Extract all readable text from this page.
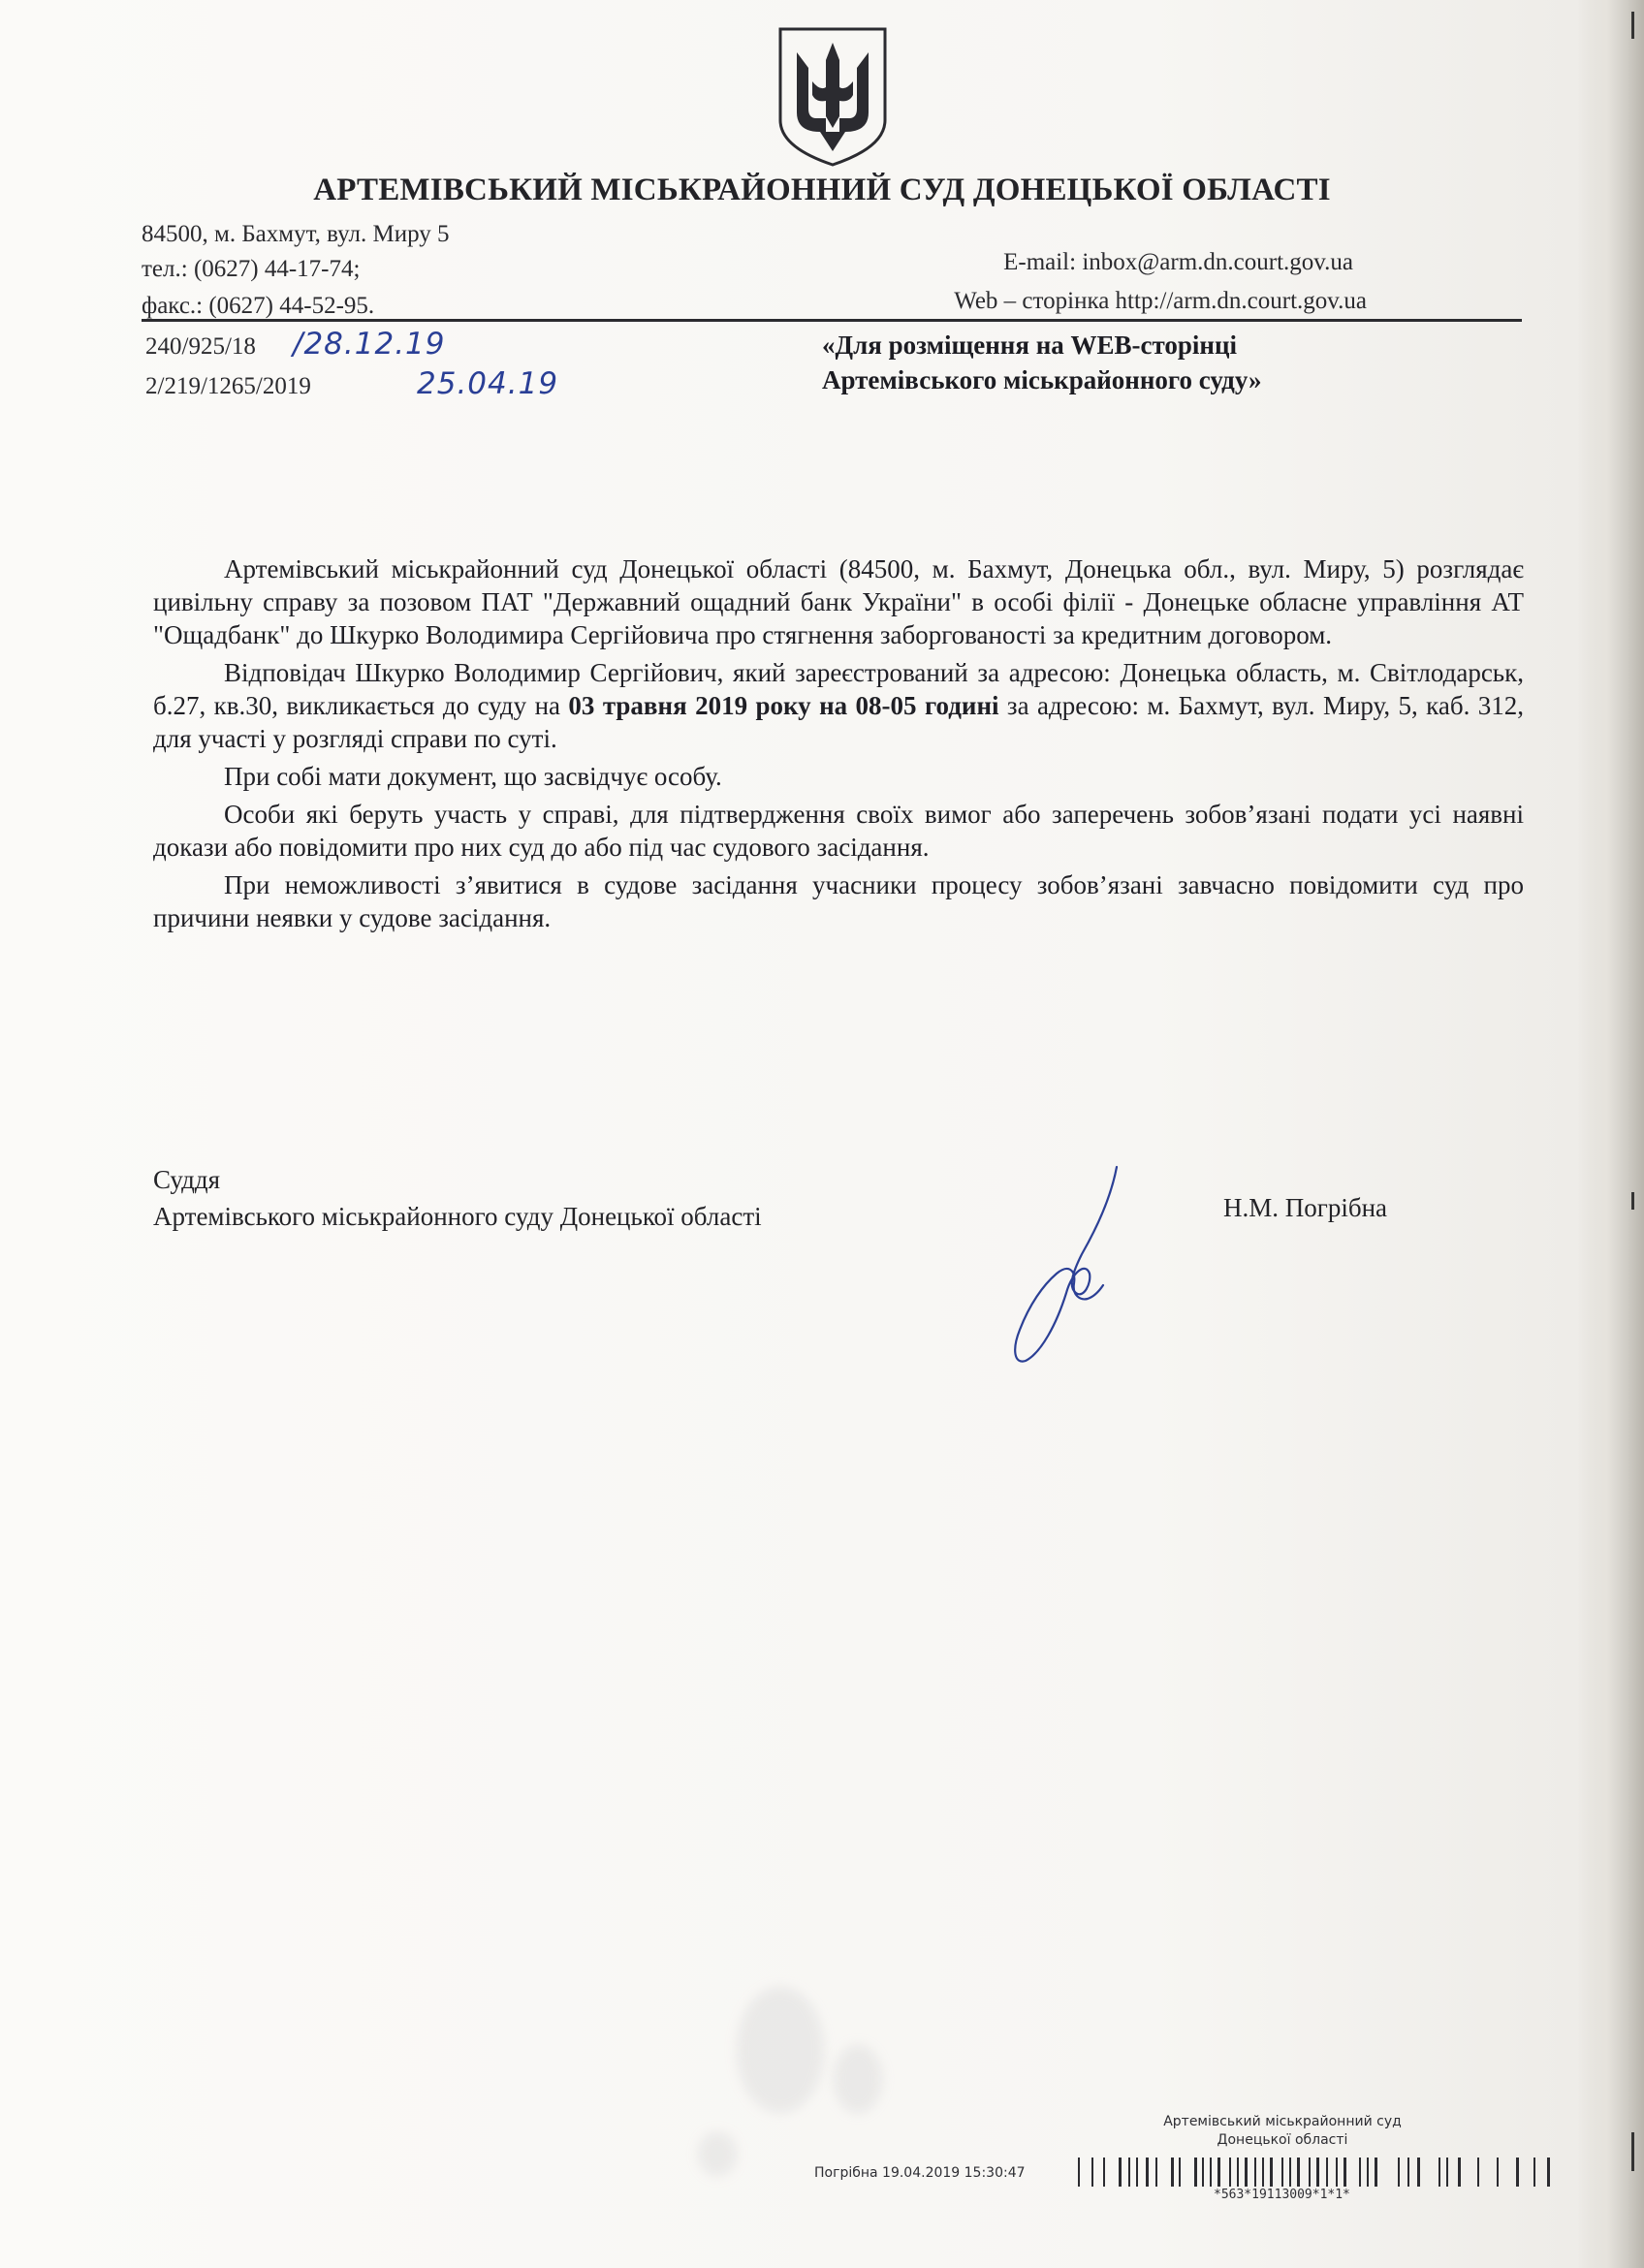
АРТЕМІВСЬКИЙ МІСЬКРАЙОННИЙ СУД ДОНЕЦЬКОЇ ОБЛАСТІ
84500, м. Бахмут, вул. Миру 5
тел.: (0627) 44-17-74;
факс.: (0627) 44-52-95.
E-mail: inbox@arm.dn.court.gov.ua
Web – сторінка http://arm.dn.court.gov.ua
240/925/18 /28.12.19
2/219/1265/2019	25.04.19
«Для розміщення на WEB-сторінці
Артемівського міськрайонного суду»

Артемівський міськрайонний суд Донецької області (84500, м. Бахмут, Донецька обл., вул. Миру, 5) розглядає цивільну справу за позовом ПАТ "Державний ощадний банк України" в особі філії - Донецьке обласне управління АТ "Ощадбанк" до Шкурко Володимира Сергійовича про стягнення заборгованості за кредитним договором.

Відповідач Шкурко Володимир Сергійович, який зареєстрований за адресою: Донецька область, м. Світлодарськ, б.27, кв.30, викликається до суду на 03 травня 2019 року на 08-05 годині за адресою: м. Бахмут, вул. Миру, 5, каб. 312, для участі у розгляді справи по суті.

При собі мати документ, що засвідчує особу.

Особи які беруть участь у справі, для підтвердження своїх вимог або заперечень зобов’язані подати усі наявні докази або повідомити про них суд до або під час судового засідання.

При неможливості з’явитися в судове засідання учасники процесу зобов’язані завчасно повідомити суд про причини неявки у судове засідання.

Суддя
Артемівського міськрайонного суду Донецької області	Н.М. Погрібна
Артемівський міськрайонний суд
Донецької області
Погрібна 19.04.2019 15:30:47
*563*19113009*1*1*
